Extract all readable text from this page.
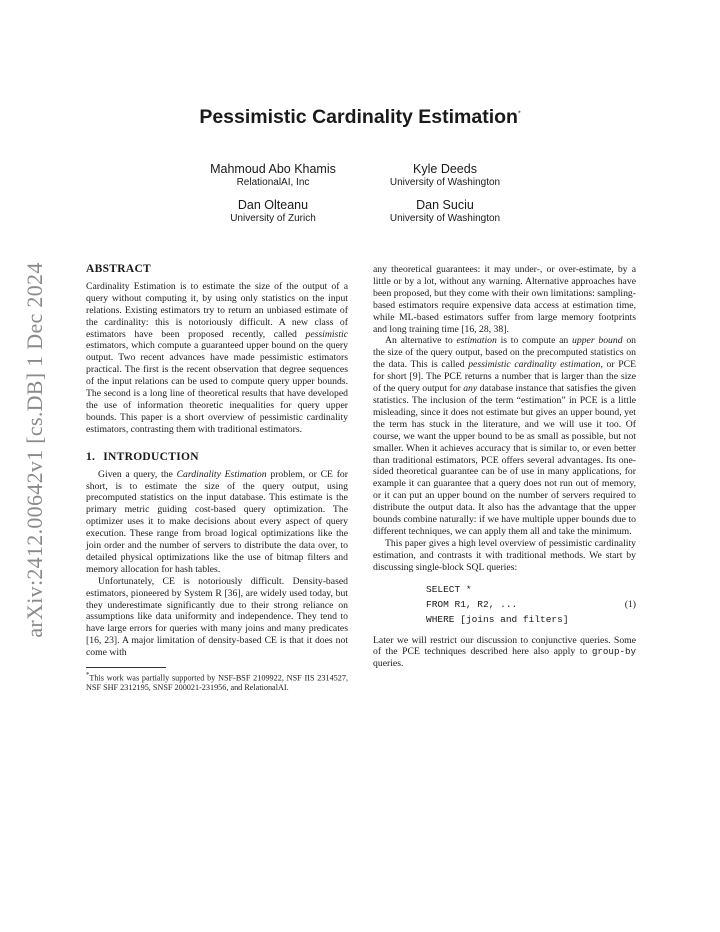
arXiv:2412.00642v1 [cs.DB] 1 Dec 2024
Pessimistic Cardinality Estimation*
Mahmoud Abo Khamis
RelationalAI, Inc
Kyle Deeds
University of Washington
Dan Olteanu
University of Zurich
Dan Suciu
University of Washington
ABSTRACT

Cardinality Estimation is to estimate the size of the output of a query without computing it, by using only statistics on the input relations. Existing estimators try to return an unbiased estimate of the cardinality: this is notoriously difficult. A new class of estimators have been proposed recently, called pessimistic estimators, which compute a guaranteed upper bound on the query output. Two recent advances have made pessimistic estimators practical. The first is the recent observation that degree sequences of the input relations can be used to compute query upper bounds. The second is a long line of theoretical results that have developed the use of information theoretic inequalities for query upper bounds. This paper is a short overview of pessimistic cardinality estimators, contrasting them with traditional estimators.

1. INTRODUCTION

Given a query, the Cardinality Estimation problem, or CE for short, is to estimate the size of the query output, using precomputed statistics on the input database. This estimate is the primary metric guiding cost-based query optimization. The optimizer uses it to make decisions about every aspect of query execution. These range from broad logical optimizations like the join order and the number of servers to distribute the data over, to detailed physical optimizations like the use of bitmap filters and memory allocation for hash tables.

Unfortunately, CE is notoriously difficult. Density-based estimators, pioneered by System R [36], are widely used today, but they underestimate significantly due to their strong reliance on assumptions like data uniformity and independence. They tend to have large errors for queries with many joins and many predicates [16, 23]. A major limitation of density-based CE is that it does not come with

*This work was partially supported by NSF-BSF 2109922, NSF IIS 2314527, NSF SHF 2312195, SNSF 200021-231956, and RelationalAI.

any theoretical guarantees: it may under-, or over-estimate, by a little or by a lot, without any warning. Alternative approaches have been proposed, but they come with their own limitations: sampling-based estimators require expensive data access at estimation time, while ML-based estimators suffer from large memory footprints and long training time [16, 28, 38].

An alternative to estimation is to compute an upper bound on the size of the query output, based on the precomputed statistics on the data. This is called pessimistic cardinality estimation, or PCE for short [9]. The PCE returns a number that is larger than the size of the query output for any database instance that satisfies the given statistics. The inclusion of the term “estimation” in PCE is a little misleading, since it does not estimate but gives an upper bound, yet the term has stuck in the literature, and we will use it too. Of course, we want the upper bound to be as small as possible, but not smaller. When it achieves accuracy that is similar to, or even better than traditional estimators, PCE offers several advantages. Its one-sided theoretical guarantee can be of use in many applications, for example it can guarantee that a query does not run out of memory, or it can put an upper bound on the number of servers required to distribute the output data. It also has the advantage that the upper bounds combine naturally: if we have multiple upper bounds due to different techniques, we can apply them all and take the minimum.

This paper gives a high level overview of pessimistic cardinality estimation, and contrasts it with traditional methods. We start by discussing single-block SQL queries:

SELECT *
FROM R1, R2, ...
WHERE [joins and filters]
(1)

Later we will restrict our discussion to conjunctive queries. Some of the PCE techniques described here also apply to group-by queries.
